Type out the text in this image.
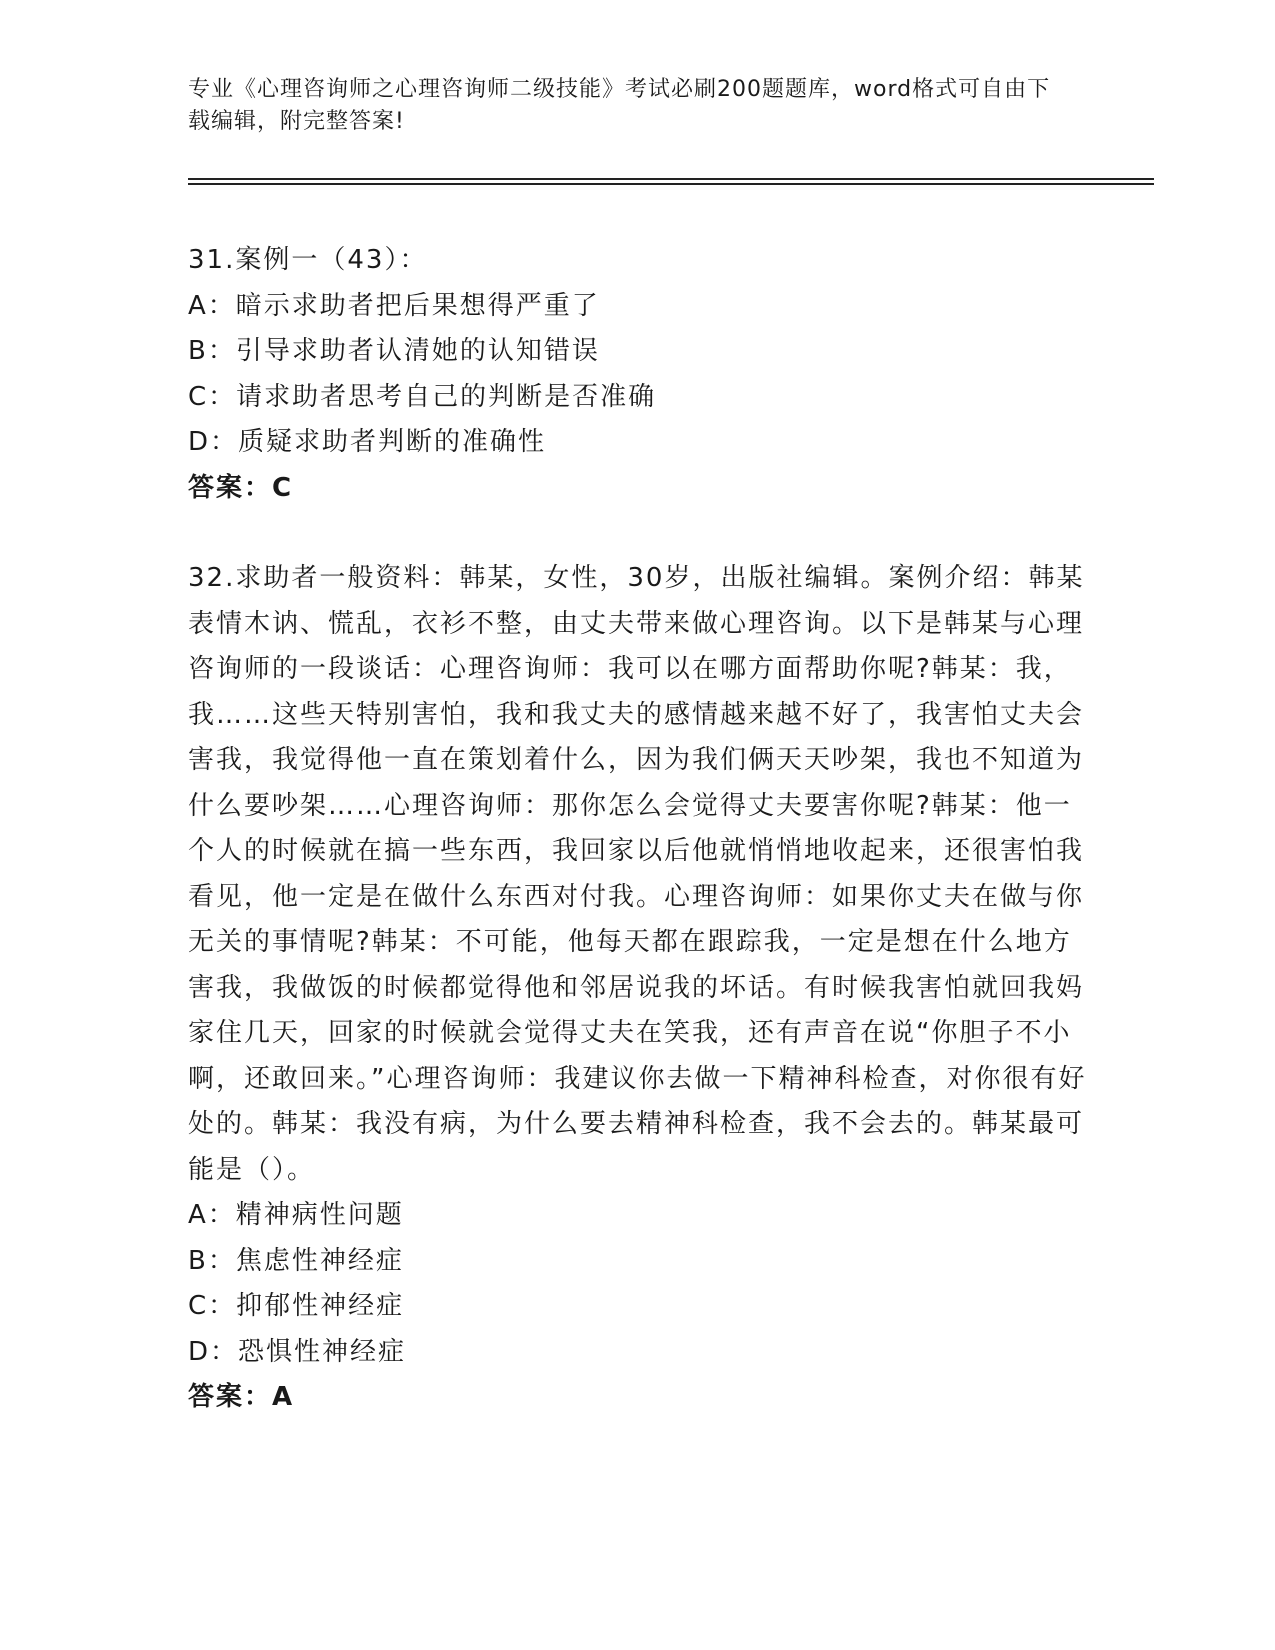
专业《心理咨询师之心理咨询师二级技能》考试必刷200题题库，word格式可自由下载编辑，附完整答案!

31.案例一（43）：

A：暗示求助者把后果想得严重了

B：引导求助者认清她的认知错误

C：请求助者思考自己的判断是否准确

D：质疑求助者判断的准确性

答案：C

32.求助者一般资料：韩某，女性，30岁，出版社编辑。案例介绍：韩某表情木讷、慌乱，衣衫不整，由丈夫带来做心理咨询。以下是韩某与心理咨询师的一段谈话：心理咨询师：我可以在哪方面帮助你呢?韩某：我，我……这些天特别害怕，我和我丈夫的感情越来越不好了，我害怕丈夫会害我，我觉得他一直在策划着什么，因为我们俩天天吵架，我也不知道为什么要吵架……心理咨询师：那你怎么会觉得丈夫要害你呢?韩某：他一个人的时候就在搞一些东西，我回家以后他就悄悄地收起来，还很害怕我看见，他一定是在做什么东西对付我。心理咨询师：如果你丈夫在做与你无关的事情呢?韩某：不可能，他每天都在跟踪我，一定是想在什么地方害我，我做饭的时候都觉得他和邻居说我的坏话。有时候我害怕就回我妈家住几天，回家的时候就会觉得丈夫在笑我，还有声音在说“你胆子不小啊，还敢回来。”心理咨询师：我建议你去做一下精神科检查，对你很有好处的。韩某：我没有病，为什么要去精神科检查，我不会去的。韩某最可能是（）。

A：精神病性问题

B：焦虑性神经症

C：抑郁性神经症

D：恐惧性神经症

答案：A
